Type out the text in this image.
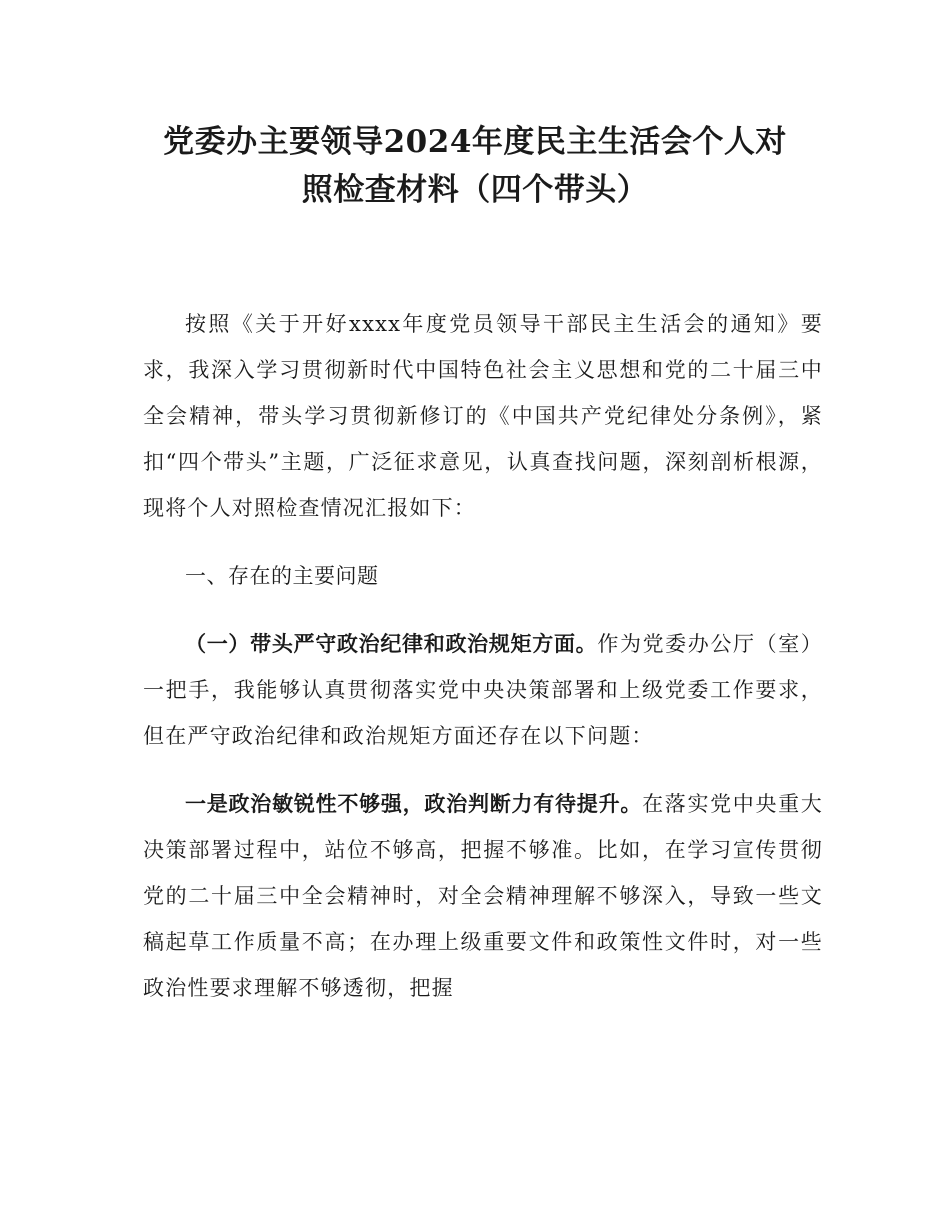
党委办主要领导2024年度民主生活会个人对
照检查材料（四个带头）

按照《关于开好xxxx年度党员领导干部民主生活会的通知》要求，我深入学习贯彻新时代中国特色社会主义思想和党的二十届三中全会精神，带头学习贯彻新修订的《中国共产党纪律处分条例》，紧扣“四个带头”主题，广泛征求意见，认真查找问题，深刻剖析根源，现将个人对照检查情况汇报如下：

一、存在的主要问题

（一）带头严守政治纪律和政治规矩方面。作为党委办公厅（室）一把手，我能够认真贯彻落实党中央决策部署和上级党委工作要求，但在严守政治纪律和政治规矩方面还存在以下问题：

一是政治敏锐性不够强，政治判断力有待提升。在落实党中央重大决策部署过程中，站位不够高，把握不够准。比如，在学习宣传贯彻党的二十届三中全会精神时，对全会精神理解不够深入，导致一些文稿起草工作质量不高；在办理上级重要文件和政策性文件时，对一些政治性要求理解不够透彻，把握
